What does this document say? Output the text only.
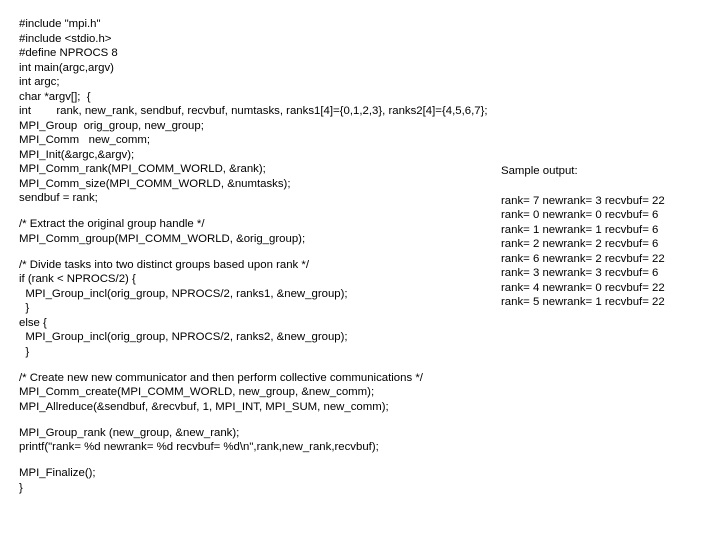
#include "mpi.h"
#include <stdio.h>
#define NPROCS 8
int main(argc,argv)
int argc;
char *argv[];  {
int        rank, new_rank, sendbuf, recvbuf, numtasks, ranks1[4]={0,1,2,3}, ranks2[4]={4,5,6,7};
MPI_Group  orig_group, new_group;
MPI_Comm   new_comm;
MPI_Init(&argc,&argv);
MPI_Comm_rank(MPI_COMM_WORLD, &rank);
MPI_Comm_size(MPI_COMM_WORLD, &numtasks);
sendbuf = rank;
/* Extract the original group handle */
MPI_Comm_group(MPI_COMM_WORLD, &orig_group);
/* Divide tasks into two distinct groups based upon rank */
if (rank < NPROCS/2) {
MPI_Group_incl(orig_group, NPROCS/2, ranks1, &new_group);
}
else {
MPI_Group_incl(orig_group, NPROCS/2, ranks2, &new_group);
}
/* Create new new communicator and then perform collective communications */
MPI_Comm_create(MPI_COMM_WORLD, new_group, &new_comm);
MPI_Allreduce(&sendbuf, &recvbuf, 1, MPI_INT, MPI_SUM, new_comm);
MPI_Group_rank (new_group, &new_rank);
printf("rank= %d newrank= %d recvbuf= %d\n",rank,new_rank,recvbuf);
MPI_Finalize();
}
Sample output:
rank= 7 newrank= 3 recvbuf= 22
rank= 0 newrank= 0 recvbuf= 6
rank= 1 newrank= 1 recvbuf= 6
rank= 2 newrank= 2 recvbuf= 6
rank= 6 newrank= 2 recvbuf= 22
rank= 3 newrank= 3 recvbuf= 6
rank= 4 newrank= 0 recvbuf= 22
rank= 5 newrank= 1 recvbuf= 22
